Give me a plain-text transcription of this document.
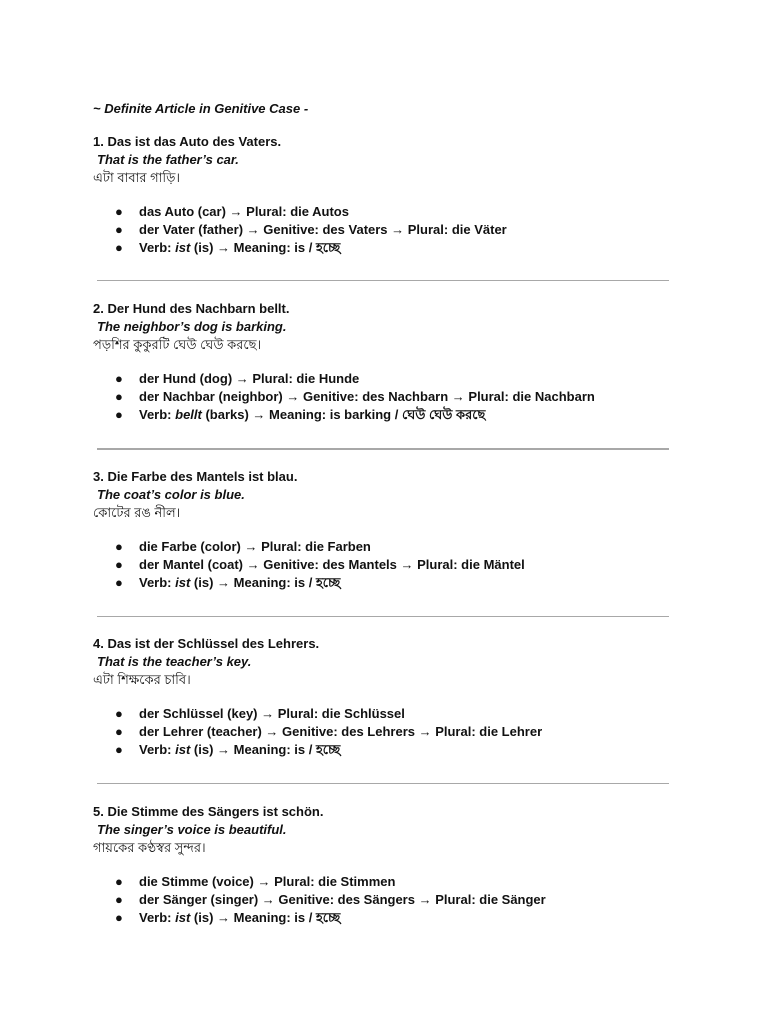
~ Definite Article in Genitive Case -

1. Das ist das Auto des Vaters.

That is the father’s car.

এটা বাবার গাড়ি।

● das Auto (car) → Plural: die Autos
● der Vater (father) → Genitive: des Vaters → Plural: die Väter
● Verb: ist (is) → Meaning: is / হচ্ছে

2. Der Hund des Nachbarn bellt.

The neighbor’s dog is barking.

পড়শির কুকুরটি ঘেউ ঘেউ করছে।

● der Hund (dog) → Plural: die Hunde
● der Nachbar (neighbor) → Genitive: des Nachbarn → Plural: die Nachbarn
● Verb: bellt (barks) → Meaning: is barking / ঘেউ ঘেউ করছে

3. Die Farbe des Mantels ist blau.

The coat’s color is blue.

কোটের রঙ নীল।

● die Farbe (color) → Plural: die Farben
● der Mantel (coat) → Genitive: des Mantels → Plural: die Mäntel
● Verb: ist (is) → Meaning: is / হচ্ছে

4. Das ist der Schlüssel des Lehrers.

That is the teacher’s key.

এটা শিক্ষকের চাবি।

● der Schlüssel (key) → Plural: die Schlüssel
● der Lehrer (teacher) → Genitive: des Lehrers → Plural: die Lehrer
● Verb: ist (is) → Meaning: is / হচ্ছে

5. Die Stimme des Sängers ist schön.

The singer’s voice is beautiful.

গায়কের কণ্ঠস্বর সুন্দর।

● die Stimme (voice) → Plural: die Stimmen
● der Sänger (singer) → Genitive: des Sängers → Plural: die Sänger
● Verb: ist (is) → Meaning: is / হচ্ছে
